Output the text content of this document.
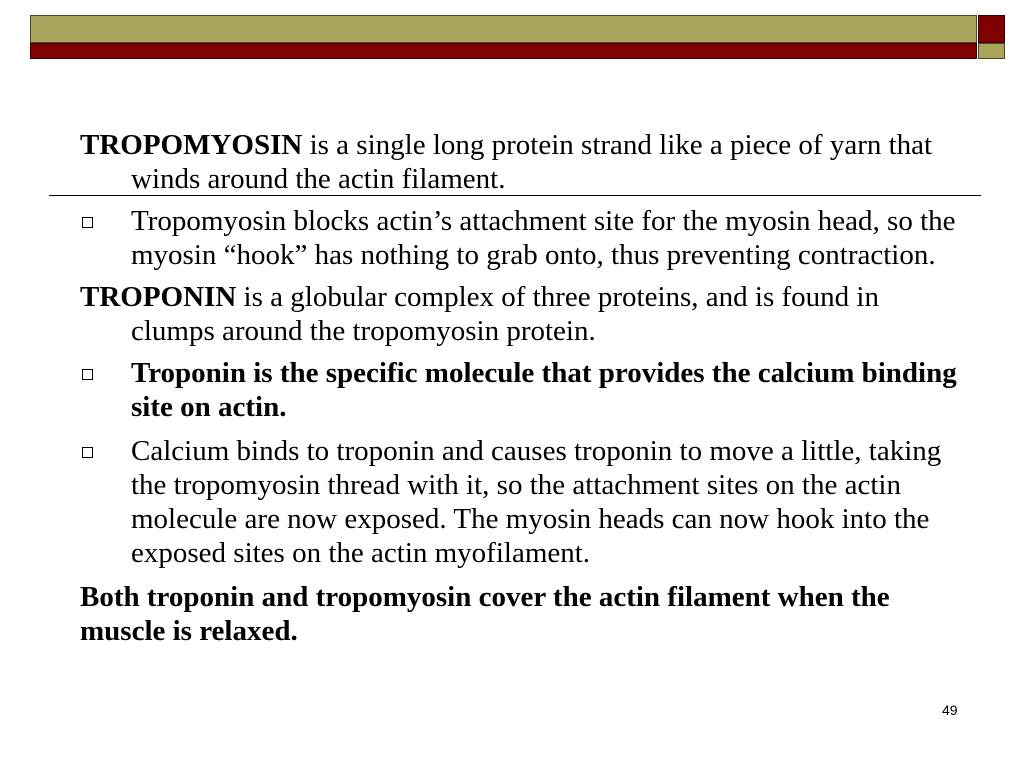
TROPOMYOSIN is a single long protein strand like a piece of yarn that winds around the actin filament.
Tropomyosin blocks actin’s attachment site for the myosin head, so the myosin “hook” has nothing to grab onto, thus preventing contraction.
TROPONIN is a globular complex of three proteins, and is found in clumps around the tropomyosin protein.
Troponin is the specific molecule that provides the calcium binding site on actin.
Calcium binds to troponin and causes troponin to move a little, taking the tropomyosin thread with it, so the attachment sites on the actin molecule are now exposed. The myosin heads can now hook into the exposed sites on the actin myofilament.
Both troponin and tropomyosin cover the actin filament when the muscle is relaxed.
49
